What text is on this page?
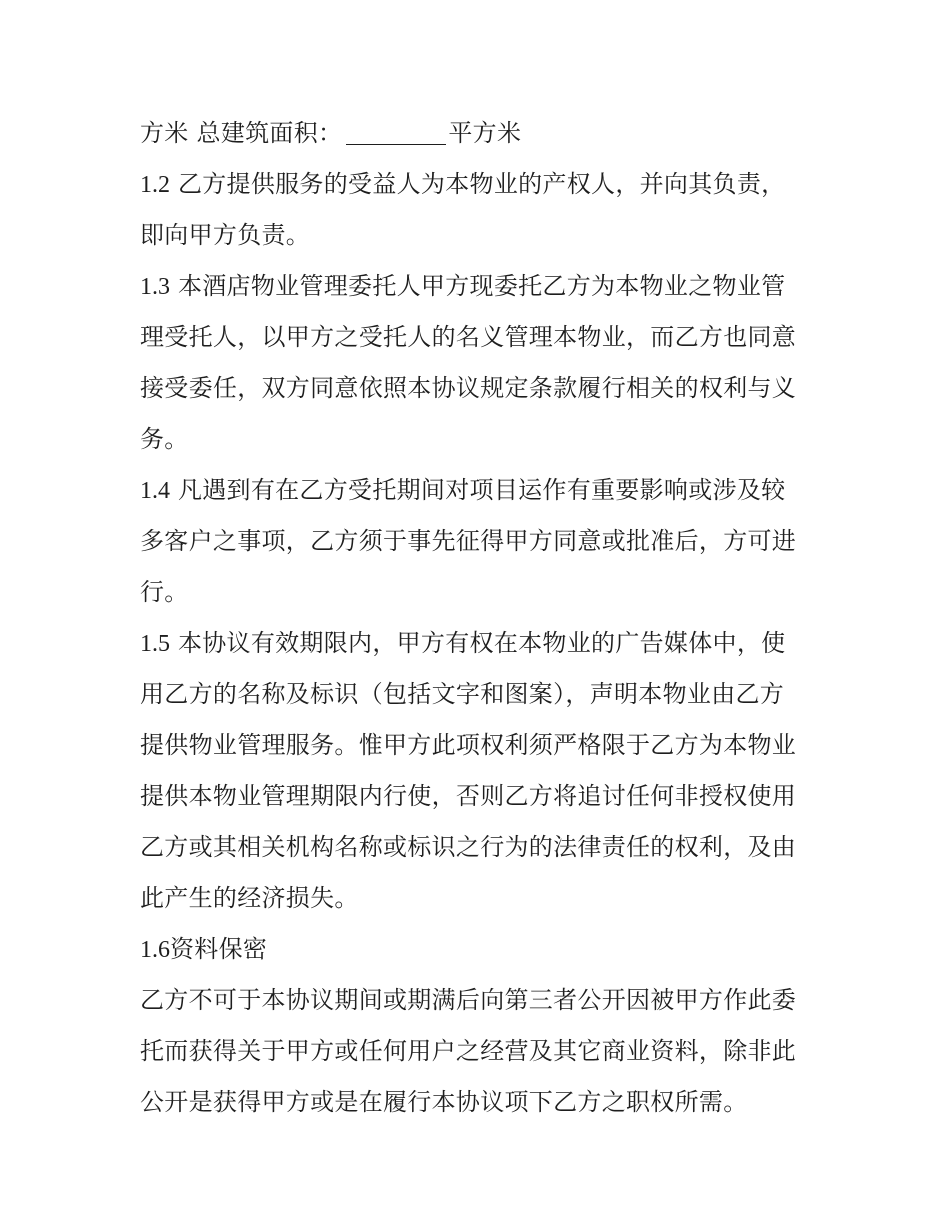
方米 总建筑面积：	平方米
1.2 乙方提供服务的受益人为本物业的产权人，并向其负责，
即向甲方负责。
1.3 本酒店物业管理委托人甲方现委托乙方为本物业之物业管
理受托人，以甲方之受托人的名义管理本物业，而乙方也同意
接受委任，双方同意依照本协议规定条款履行相关的权利与义
务。
1.4 凡遇到有在乙方受托期间对项目运作有重要影响或涉及较
多客户之事项，乙方须于事先征得甲方同意或批准后，方可进
行。
1.5 本协议有效期限内，甲方有权在本物业的广告媒体中，使
用乙方的名称及标识（包括文字和图案），声明本物业由乙方
提供物业管理服务。惟甲方此项权利须严格限于乙方为本物业
提供本物业管理期限内行使，否则乙方将追讨任何非授权使用
乙方或其相关机构名称或标识之行为的法律责任的权利，及由
此产生的经济损失。
1.6资料保密
乙方不可于本协议期间或期满后向第三者公开因被甲方作此委
托而获得关于甲方或任何用户之经营及其它商业资料，除非此
公开是获得甲方或是在履行本协议项下乙方之职权所需。
